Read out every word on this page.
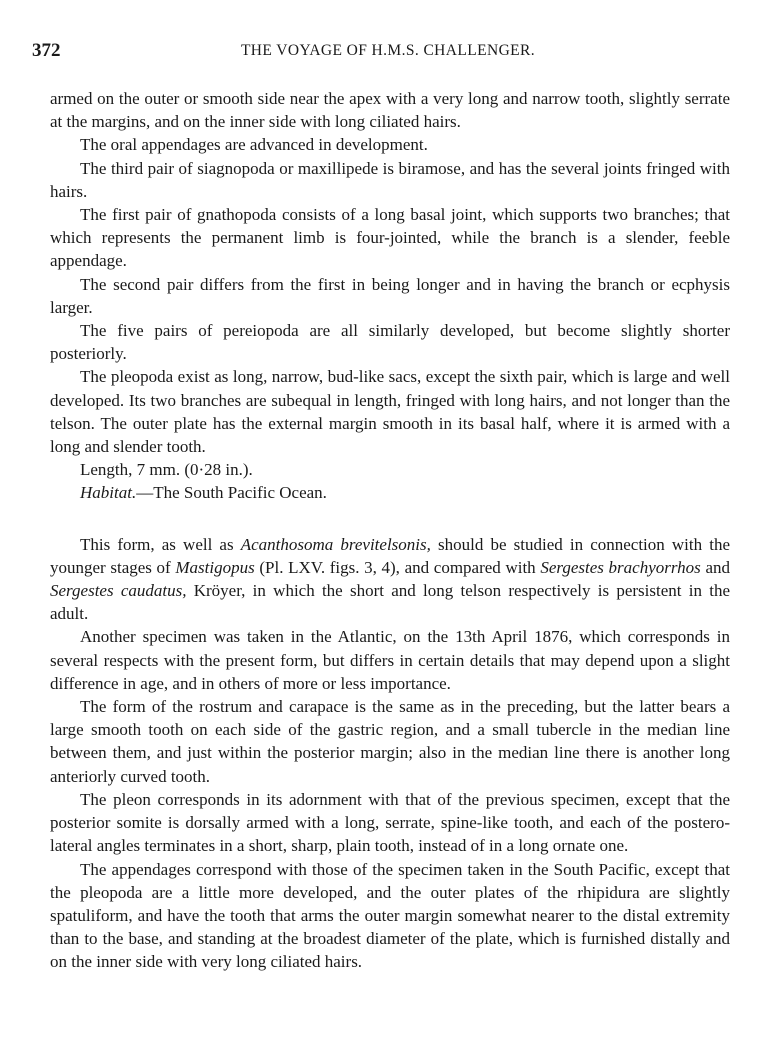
372	THE VOYAGE OF H.M.S. CHALLENGER.

armed on the outer or smooth side near the apex with a very long and narrow tooth, slightly serrate at the margins, and on the inner side with long ciliated hairs.

The oral appendages are advanced in development.

The third pair of siagnopoda or maxillipede is biramose, and has the several joints fringed with hairs.

The first pair of gnathopoda consists of a long basal joint, which supports two branches; that which represents the permanent limb is four-jointed, while the branch is a slender, feeble appendage.

The second pair differs from the first in being longer and in having the branch or ecphysis larger.

The five pairs of pereiopoda are all similarly developed, but become slightly shorter posteriorly.

The pleopoda exist as long, narrow, bud-like sacs, except the sixth pair, which is large and well developed. Its two branches are subequal in length, fringed with long hairs, and not longer than the telson. The outer plate has the external margin smooth in its basal half, where it is armed with a long and slender tooth.

Length, 7 mm. (0·28 in.).

Habitat.—The South Pacific Ocean.

This form, as well as Acanthosoma brevitelsonis, should be studied in connection with the younger stages of Mastigopus (Pl. LXV. figs. 3, 4), and compared with Sergestes brachyorrhos and Sergestes caudatus, Kröyer, in which the short and long telson respectively is persistent in the adult.

Another specimen was taken in the Atlantic, on the 13th April 1876, which corresponds in several respects with the present form, but differs in certain details that may depend upon a slight difference in age, and in others of more or less importance.

The form of the rostrum and carapace is the same as in the preceding, but the latter bears a large smooth tooth on each side of the gastric region, and a small tubercle in the median line between them, and just within the posterior margin; also in the median line there is another long anteriorly curved tooth.

The pleon corresponds in its adornment with that of the previous specimen, except that the posterior somite is dorsally armed with a long, serrate, spine-like tooth, and each of the postero-lateral angles terminates in a short, sharp, plain tooth, instead of in a long ornate one.

The appendages correspond with those of the specimen taken in the South Pacific, except that the pleopoda are a little more developed, and the outer plates of the rhipidura are slightly spatuliform, and have the tooth that arms the outer margin somewhat nearer to the distal extremity than to the base, and standing at the broadest diameter of the plate, which is furnished distally and on the inner side with very long ciliated hairs.
